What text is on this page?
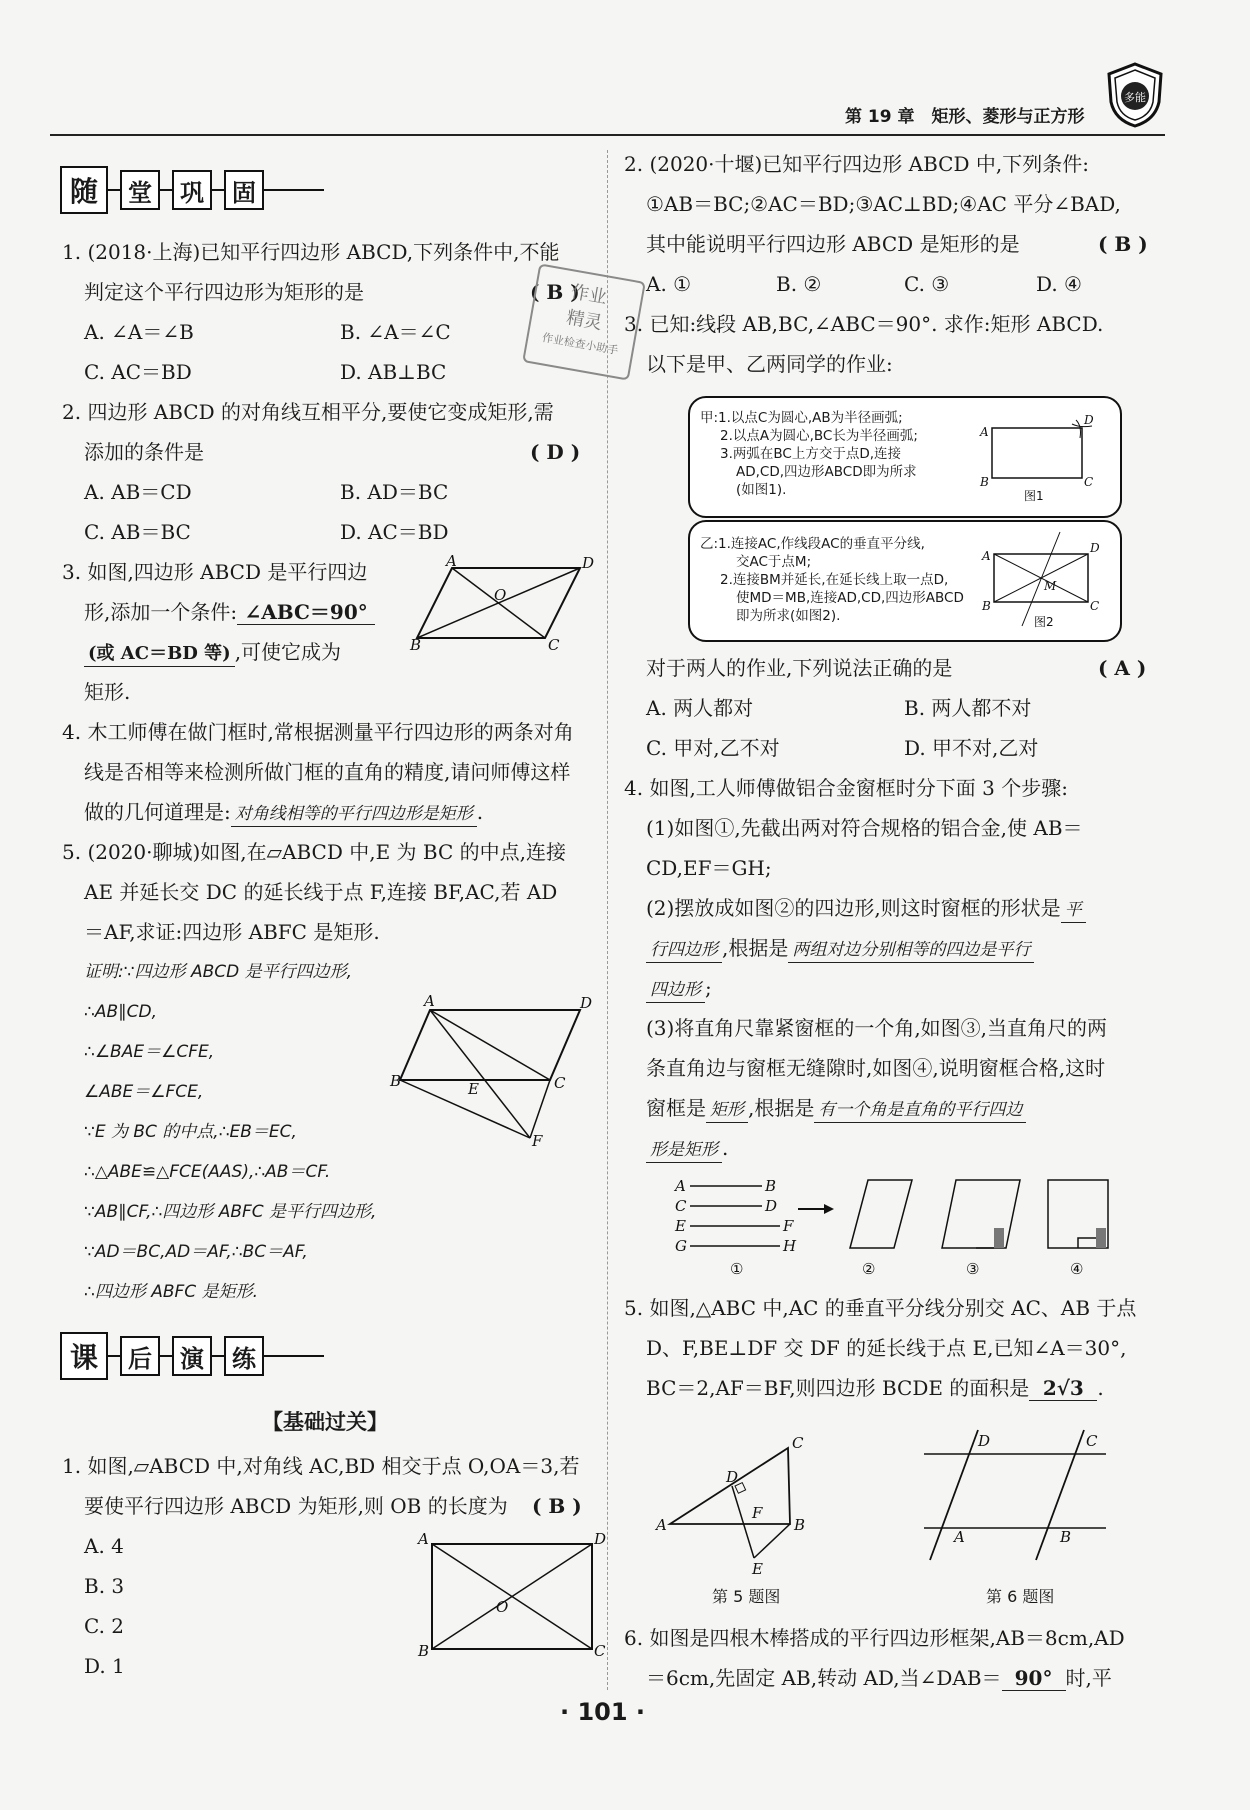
第 19 章　矩形、菱形与正方形
多能
随	堂	巩	固
1. (2018·上海)已知平行四边形 ABCD,下列条件中,不能
判定这个平行四边形为矩形的是	( B )
A. ∠A＝∠B	B. ∠A＝∠C
C. AC＝BD	D. AB⊥BC
作业
精灵
作业检查小助手
2. 四边形 ABCD 的对角线互相平分,要使它变成矩形,需
添加的条件是	( D )
A. AB＝CD	B. AD＝BC
C. AB＝BC	D. AC＝BD
3. 如图,四边形 ABCD 是平行四边
形,添加一个条件: ∠ABC＝90°
(或 AC＝BD 等) ,可使它成为
矩形.
A	D
O
B	C
4. 木工师傅在做门框时,常根据测量平行四边形的两条对角
线是否相等来检测所做门框的直角的精度,请问师傅这样
做的几何道理是: 对角线相等的平行四边形是矩形 .
5. (2020·聊城)如图,在▱ABCD 中,E 为 BC 的中点,连接
AE 并延长交 DC 的延长线于点 F,连接 BF,AC,若 AD
＝AF,求证:四边形 ABFC 是矩形.
证明:∵四边形 ABCD 是平行四边形,
∴AB∥CD,
∴∠BAE＝∠CFE,
∠ABE＝∠FCE,
∵E 为 BC 的中点,∴EB＝EC,
∴△ABE≌△FCE(AAS),∴AB＝CF.
∵AB∥CF,∴四边形 ABFC 是平行四边形,
∵AD＝BC,AD＝AF,∴BC＝AF,
∴四边形 ABFC 是矩形.
A	D
B	E	C
F
课	后	演	练
【基础过关】
1. 如图,▱ABCD 中,对角线 AC,BD 相交于点 O,OA＝3,若
要使平行四边形 ABCD 为矩形,则 OB 的长度为 ( B )
A. 4
B. 3
C. 2
D. 1
A	D
O
B	C
2. (2020·十堰)已知平行四边形 ABCD 中,下列条件:
①AB＝BC;②AC＝BD;③AC⊥BD;④AC 平分∠BAD,
其中能说明平行四边形 ABCD 是矩形的是	( B )
A. ①	B. ②	C. ③	D. ④
3. 已知:线段 AB,BC,∠ABC＝90°. 求作:矩形 ABCD.
以下是甲、乙两同学的作业:
甲:1.以点C为圆心,AB为半径画弧;
2.以点A为圆心,BC长为半径画弧;
3.两弧在BC上方交于点D,连接
AD,CD,四边形ABCD即为所求
(如图1).
A
D
B	C
图1
乙:1.连接AC,作线段AC的垂直平分线,
交AC于点M;
2.连接BM并延长,在延长线上取一点D,
使MD＝MB,连接AD,CD,四边形ABCD
即为所求(如图2).
A
D
M
B	C
图2
对于两人的作业,下列说法正确的是	( A )
A. 两人都对	B. 两人都不对
C. 甲对,乙不对	D. 甲不对,乙对
4. 如图,工人师傅做铝合金窗框时分下面 3 个步骤:
(1)如图①,先截出两对符合规格的铝合金,使 AB＝
CD,EF＝GH;
(2)摆放成如图②的四边形,则这时窗框的形状是 平
行四边形 ,根据是 两组对边分别相等的四边是平行
四边形 ;
(3)将直角尺靠紧窗框的一个角,如图③,当直角尺的两
条直角边与窗框无缝隙时,如图④,说明窗框合格,这时
窗框是 矩形 ,根据是 有一个角是直角的平行四边
形是矩形 .
A	B
C	D
E	F
G	H
①	②	③	④
5. 如图,△ABC 中,AC 的垂直平分线分别交 AC、AB 于点
D、F,BE⊥DF 交 DF 的延长线于点 E,已知∠A＝30°,
BC＝2,AF＝BF,则四边形 BCDE 的面积是 2√3 .
C
D
F
A	B
E
D	C
A	B
第 5 题图	第 6 题图
6. 如图是四根木棒搭成的平行四边形框架,AB＝8cm,AD
＝6cm,先固定 AB,转动 AD,当∠DAB＝ 90° 时,平
· 101 ·
